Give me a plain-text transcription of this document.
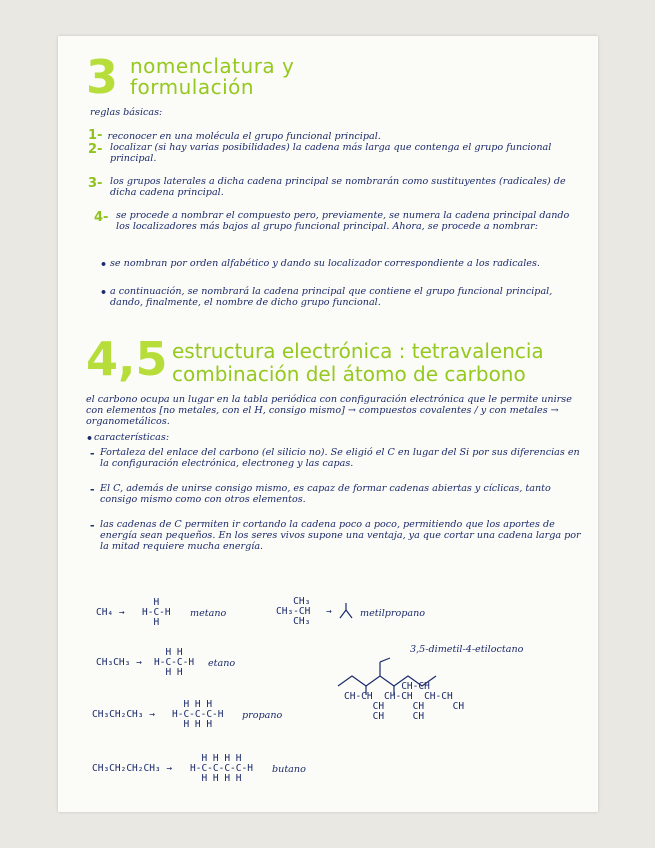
3 nomenclatura y
formulación
reglas básicas:
1- reconocer en una molécula el grupo funcional principal.
2- localizar (si hay varias posibilidades) la cadena más larga que contenga el grupo funcional principal.
3- los grupos laterales a dicha cadena principal se nombrarán como sustituyentes (radicales) de dicha cadena principal.
4- se procede a nombrar el compuesto pero, previamente, se numera la cadena principal dando los localizadores más bajos al grupo funcional principal. Ahora, se procede a nombrar:
• se nombran por orden alfabético y dando su localizador correspondiente a los radicales.
• a continuación, se nombrará la cadena principal que contiene el grupo funcional principal, dando, finalmente, el nombre de dicho grupo funcional.
4,5 estructura electrónica : tetravalencia
combinación del átomo de carbono
el carbono ocupa un lugar en la tabla periódica con configuración electrónica que le permite unirse con elementos [no metales, con el H, consigo mismo] → compuestos covalentes / y con metales → organometálicos.
• características:
- Fortaleza del enlace del carbono (el silicio no). Se eligió el C en lugar del Si por sus diferencias en la configuración electrónica, electroneg y las capas.
- El C, además de unirse consigo mismo, es capaz de formar cadenas abiertas y cíclicas, tanto consigo mismo como con otros elementos.
- las cadenas de C permiten ir cortando la cadena poco a poco, permitiendo que los aportes de energía sean pequeños. En los seres vivos supone una ventaja, ya que cortar una cadena larga por la mitad requiere mucha energía.
CH₄ →
H
H-C-H
H
metano
CH₃
CH₃-CH
CH₃
→	metilpropano
CH₃CH₃ →
H H
H-C-C-H
H H
etano
3,5-dimetil-4-etiloctano
CH-CH
CH-CH  CH-CH  CH-CH
CH     CH     CH
CH     CH
CH₃CH₂CH₃ →
H H H
H-C-C-C-H
H H H
propano
CH₃CH₂CH₂CH₃ →
H H H H
H-C-C-C-C-H
H H H H
butano
